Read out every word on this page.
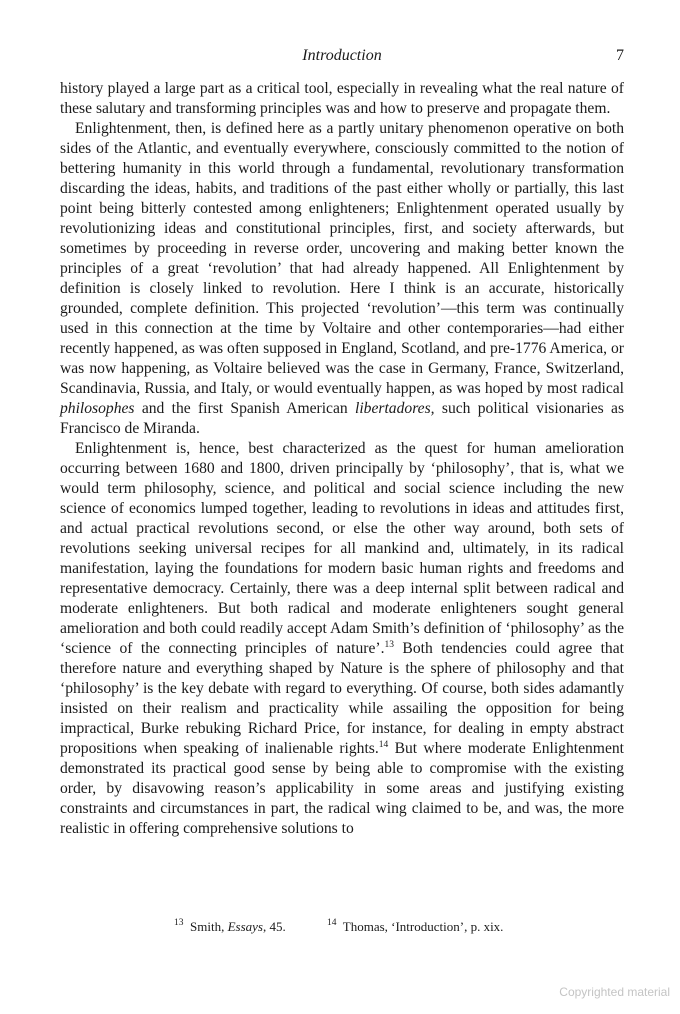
Introduction	7

history played a large part as a critical tool, especially in revealing what the real nature of these salutary and transforming principles was and how to preserve and propagate them.

Enlightenment, then, is defined here as a partly unitary phenomenon operative on both sides of the Atlantic, and eventually everywhere, consciously committed to the notion of bettering humanity in this world through a fundamental, revolutionary transformation discarding the ideas, habits, and traditions of the past either wholly or partially, this last point being bitterly contested among enlighteners; Enlightenment operated usually by revolutionizing ideas and constitutional principles, first, and society afterwards, but sometimes by proceeding in reverse order, uncovering and making better known the principles of a great ‘revolution’ that had already happened. All Enlightenment by definition is closely linked to revolution. Here I think is an accurate, historically grounded, complete definition. This projected ‘revolution’—this term was continually used in this connection at the time by Voltaire and other contemporaries—had either recently happened, as was often supposed in England, Scotland, and pre-1776 America, or was now happening, as Voltaire believed was the case in Germany, France, Switzerland, Scandinavia, Russia, and Italy, or would eventually happen, as was hoped by most radical philosophes and the first Spanish American libertadores, such political visionaries as Francisco de Miranda.

Enlightenment is, hence, best characterized as the quest for human amelioration occurring between 1680 and 1800, driven principally by ‘philosophy’, that is, what we would term philosophy, science, and political and social science including the new science of economics lumped together, leading to revolutions in ideas and attitudes first, and actual practical revolutions second, or else the other way around, both sets of revolutions seeking universal recipes for all mankind and, ultimately, in its radical manifestation, laying the foundations for modern basic human rights and freedoms and representative democracy. Certainly, there was a deep internal split between radical and moderate enlighteners. But both radical and moderate enlighteners sought general amelioration and both could readily accept Adam Smith’s definition of ‘philosophy’ as the ‘science of the connecting principles of nature’.$^{13}$ Both tendencies could agree that therefore nature and everything shaped by Nature is the sphere of philosophy and that ‘philosophy’ is the key debate with regard to everything. Of course, both sides adamantly insisted on their realism and practicality while assailing the opposition for being impractical, Burke rebuking Richard Price, for instance, for dealing in empty abstract propositions when speaking of inalienable rights.$^{14}$ But where moderate Enlightenment demonstrated its practical good sense by being able to compromise with the existing order, by disavowing reason’s applicability in some areas and justifying existing constraints and circumstances in part, the radical wing claimed to be, and was, the more realistic in offering comprehensive solutions to

$^{13}$ Smith, Essays, 45.	$^{14}$ Thomas, ‘Introduction’, p. xix.
Copyrighted material
